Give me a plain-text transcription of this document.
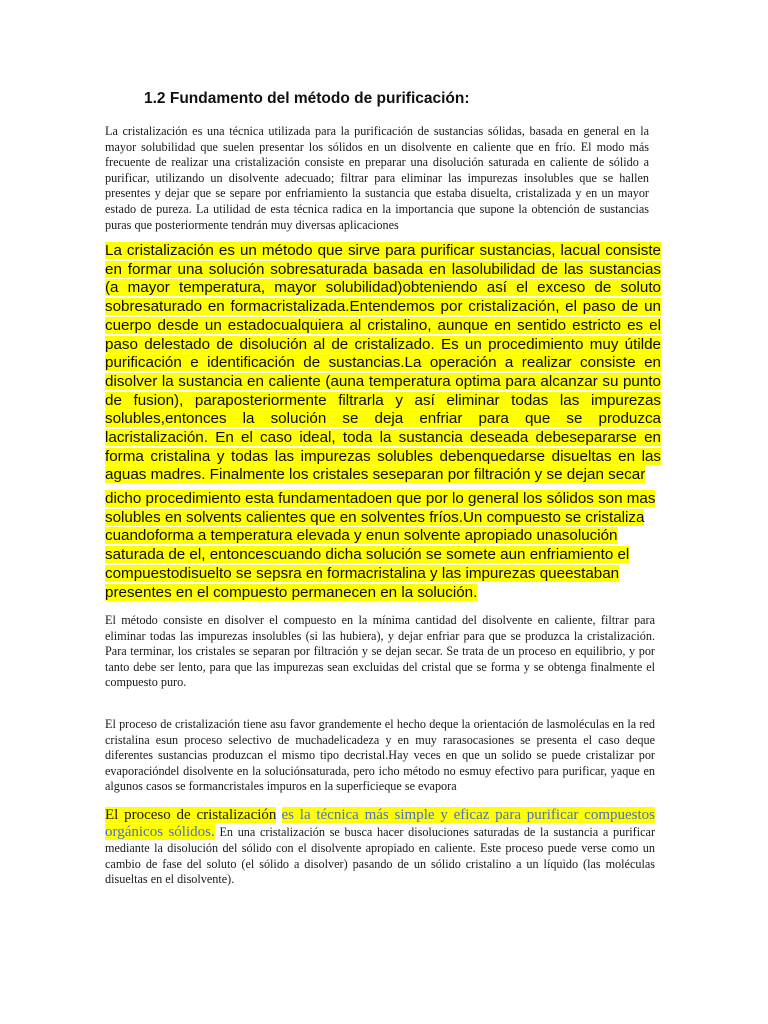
1.2 Fundamento del método de purificación:

La cristalización es una técnica utilizada para la purificación de sustancias sólidas, basada en general en la mayor solubilidad que suelen presentar los sólidos en un disolvente en caliente que en frío. El modo más frecuente de realizar una cristalización consiste en preparar una disolución saturada en caliente de sólido a purificar, utilizando un disolvente adecuado; filtrar para eliminar las impurezas insolubles que se hallen presentes y dejar que se separe por enfriamiento la sustancia que estaba disuelta, cristalizada y en un mayor estado de pureza. La utilidad de esta técnica radica en la importancia que supone la obtención de sustancias puras que posteriormente tendrán muy diversas aplicaciones

La cristalización es un método que sirve para purificar sustancias, lacual consiste en formar una solución sobresaturada basada en lasolubilidad de las sustancias (a mayor temperatura, mayor solubilidad)obteniendo así el exceso de soluto sobresaturado en formacristalizada.Entendemos por cristalización, el paso de un cuerpo desde un estadocualquiera al cristalino, aunque en sentido estricto es el paso delestado de disolución al de cristalizado. Es un procedimiento muy útilde purificación e identificación de sustancias.La operación a realizar consiste en disolver la sustancia en caliente (auna temperatura optima para alcanzar su punto de fusion), paraposteriormente filtrarla y así eliminar todas las impurezas solubles,entonces la solución se deja enfriar para que se produzca lacristalización. En el caso ideal, toda la sustancia deseada debesepararse en forma cristalina y todas las impurezas solubles debenquedarse disueltas en las aguas madres. Finalmente los cristales seseparan por filtración y se dejan secar

dicho procedimiento esta fundamentadoen que por lo general los sólidos son mas solubles en solvents calientes que en solventes fríos.Un compuesto se cristaliza cuandoforma a temperatura elevada y enun solvente apropiado unasolución saturada de el, entoncescuando dicha solución se somete aun enfriamiento el compuestodisuelto se sepsra en formacristalina y las impurezas queestaban presentes en el compuesto permanecen en la solución.

El método consiste en disolver el compuesto en la mínima cantidad del disolvente en caliente, filtrar para eliminar todas las impurezas insolubles (si las hubiera), y dejar enfriar para que se produzca la cristalización. Para terminar, los cristales se separan por filtración y se dejan secar. Se trata de un proceso en equilibrio, y por tanto debe ser lento, para que las impurezas sean excluidas del cristal que se forma y se obtenga finalmente el compuesto puro.

El proceso de cristalización tiene asu favor grandemente el hecho deque la orientación de lasmoléculas en la red cristalina esun proceso selectivo de muchadelicadeza y en muy rarasocasiones se presenta el caso deque diferentes sustancias produzcan el mismo tipo decristal.Hay veces en que un solido se puede cristalizar por evaporacióndel disolvente en la soluciónsaturada, pero icho método no esmuy efectivo para purificar, yaque en algunos casos se formancristales impuros en la superficieque se evapora

El proceso de cristalización es la técnica más simple y eficaz para purificar compuestos orgánicos sólidos. En una cristalización se busca hacer disoluciones saturadas de la sustancia a purificar mediante la disolución del sólido con el disolvente apropiado en caliente. Este proceso puede verse como un cambio de fase del soluto (el sólido a disolver) pasando de un sólido cristalino a un líquido (las moléculas disueltas en el disolvente).
